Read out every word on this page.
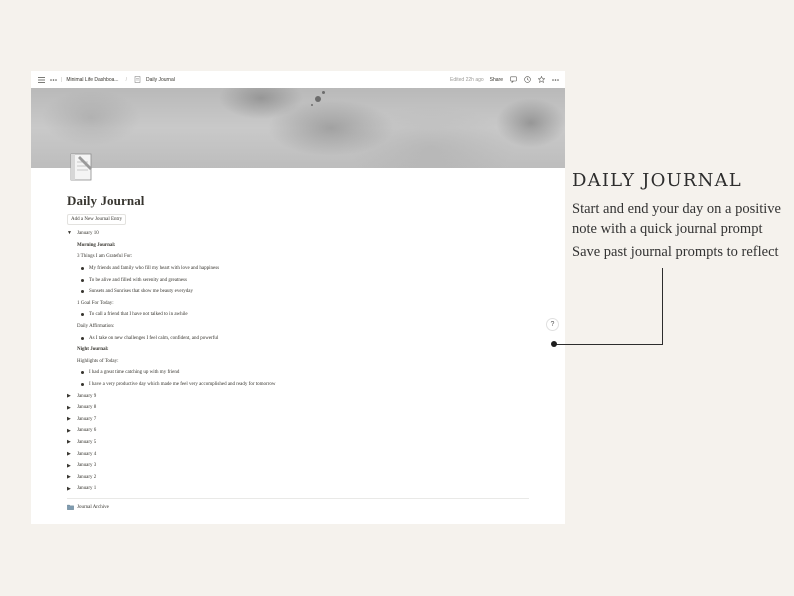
| Minimal Life Dashboa... /	Daily Journal	Edited 22h ago Share
Daily Journal
Add a New Journal Entry
▼	January 10
Morning Journal:
3 Things I am Grateful For:
My friends and family who fill my heart with love and happiness
To be alive and filled with serenity and greatness
Sunsets and Sunrises that show me beauty everyday
1 Goal For Today:
To call a friend that I have not talked to in awhile
Daily Affirmation:
As I take on new challenges I feel calm, confident, and powerful
Night Journal:
Highlights of Today:
I had a great time catching up with my friend
I have a very productive day which made me feel very accomplished and ready for tomorrow
▶	January 9
▶	January 8
▶	January 7
▶	January 6
▶	January 5
▶	January 4
▶	January 3
▶	January 2
▶	January 1
Journal Archive
?
DAILY JOURNAL
Start and end your day on a positive note with a quick journal prompt
Save past journal prompts to reflect
